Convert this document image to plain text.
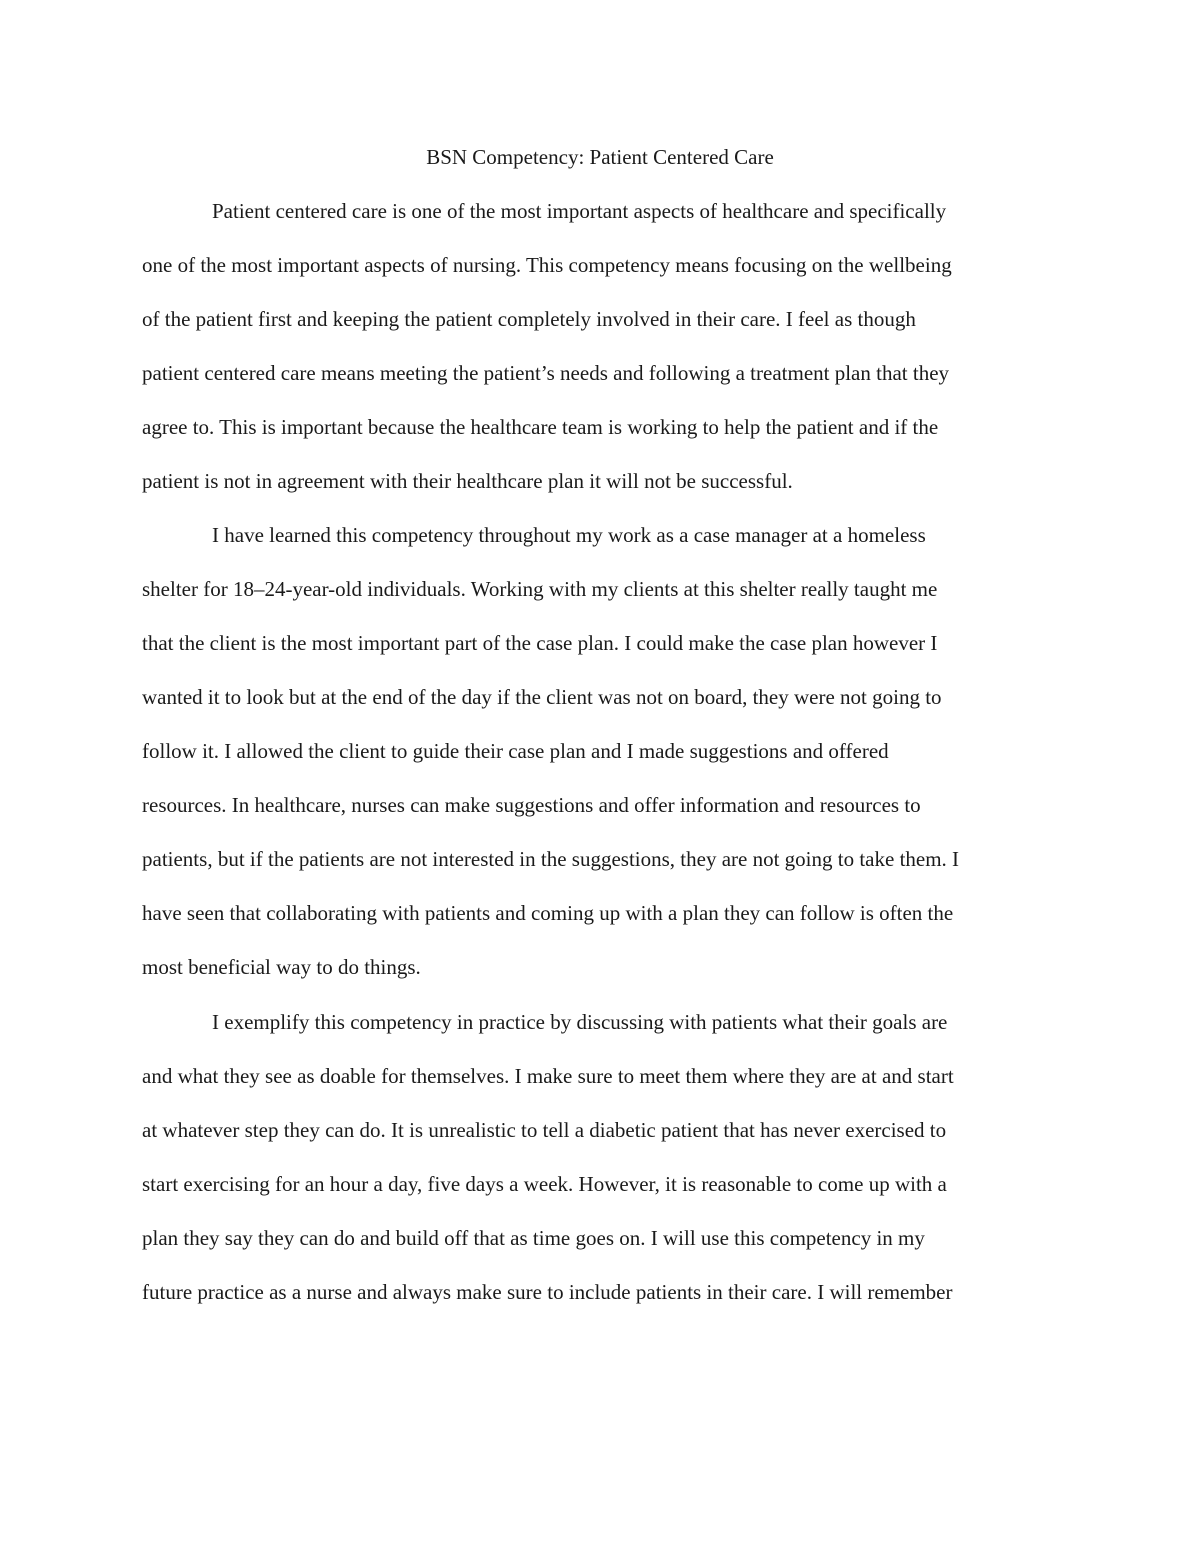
BSN Competency: Patient Centered Care

Patient centered care is one of the most important aspects of healthcare and specifically

one of the most important aspects of nursing. This competency means focusing on the wellbeing

of the patient first and keeping the patient completely involved in their care. I feel as though

patient centered care means meeting the patient’s needs and following a treatment plan that they

agree to. This is important because the healthcare team is working to help the patient and if the

patient is not in agreement with their healthcare plan it will not be successful.

I have learned this competency throughout my work as a case manager at a homeless

shelter for 18–24-year-old individuals. Working with my clients at this shelter really taught me

that the client is the most important part of the case plan. I could make the case plan however I

wanted it to look but at the end of the day if the client was not on board, they were not going to

follow it. I allowed the client to guide their case plan and I made suggestions and offered

resources. In healthcare, nurses can make suggestions and offer information and resources to

patients, but if the patients are not interested in the suggestions, they are not going to take them. I

have seen that collaborating with patients and coming up with a plan they can follow is often the

most beneficial way to do things.

I exemplify this competency in practice by discussing with patients what their goals are

and what they see as doable for themselves. I make sure to meet them where they are at and start

at whatever step they can do. It is unrealistic to tell a diabetic patient that has never exercised to

start exercising for an hour a day, five days a week. However, it is reasonable to come up with a

plan they say they can do and build off that as time goes on. I will use this competency in my

future practice as a nurse and always make sure to include patients in their care. I will remember
